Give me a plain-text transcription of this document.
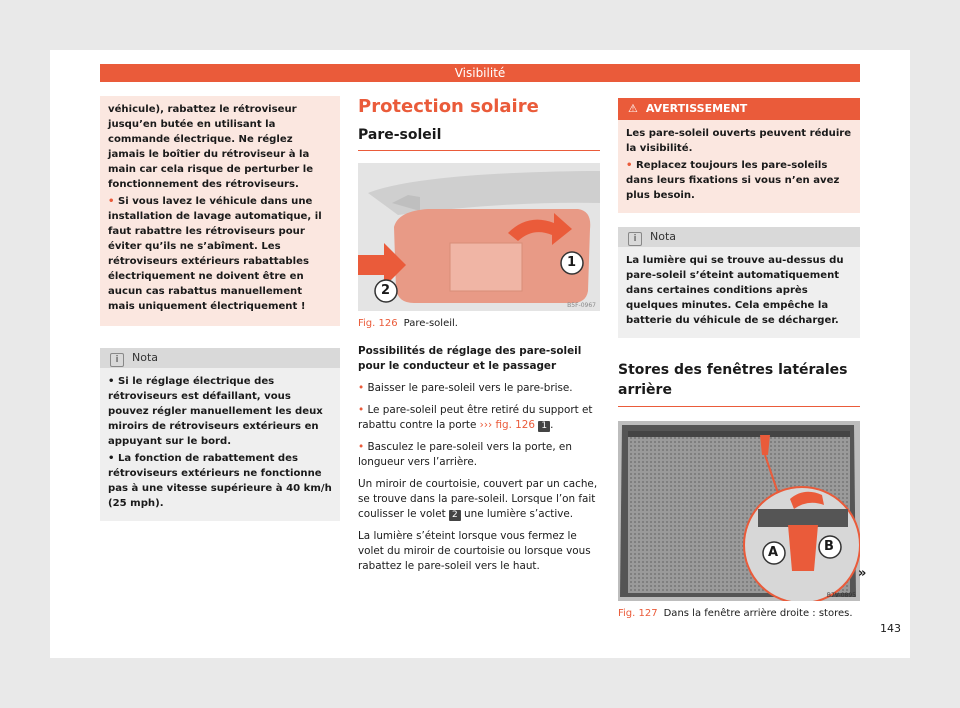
Visibilité

véhicule), rabattez le rétroviseur jusqu’en butée en utilisant la commande électrique. Ne réglez jamais le boîtier du rétroviseur à la main car cela risque de perturber le fonctionnement des rétroviseurs.

• Si vous lavez le véhicule dans une installation de lavage automatique, il faut rabattre les rétroviseurs pour éviter qu’ils ne s’abîment. Les rétroviseurs extérieurs rabattables électriquement ne doivent être en aucun cas rabattus manuellement mais uniquement électriquement !

i Nota

• Si le réglage électrique des rétroviseurs est défaillant, vous pouvez régler manuellement les deux miroirs de rétroviseurs extérieurs en appuyant sur le bord.

• La fonction de rabattement des rétroviseurs extérieurs ne fonctionne pas à une vitesse supérieure à 40 km/h (25 mph).

Protection solaire
Pare-soleil
1
2
B5F-0967
Fig. 126 Pare-soleil.

Possibilités de réglage des pare-soleil pour le conducteur et le passager

• Baisser le pare-soleil vers le pare-brise.

• Le pare-soleil peut être retiré du support et rabattu contre la porte ››› fig. 126 1 .

• Basculez le pare-soleil vers la porte, en longueur vers l’arrière.

Un miroir de courtoisie, couvert par un cache, se trouve dans la pare-soleil. Lorsque l’on fait coulisser le volet 2 une lumière s’active.

La lumière s’éteint lorsque vous fermez le volet du miroir de courtoisie ou lorsque vous rabattez le pare-soleil vers le haut.

⚠ AVERTISSEMENT

Les pare-soleil ouverts peuvent réduire la visibilité.

• Replacez toujours les pare-soleils dans leurs fixations si vous n’en avez plus besoin.

i Nota

La lumière qui se trouve au-dessus du pare-soleil s’éteint automatiquement dans certaines conditions après quelques minutes. Cela empêche la batterie du véhicule de se décharger.

Stores des fenêtres latérales arrière
A	B
B7V-0895
Fig. 127 Dans la fenêtre arrière droite : stores.
»
143
